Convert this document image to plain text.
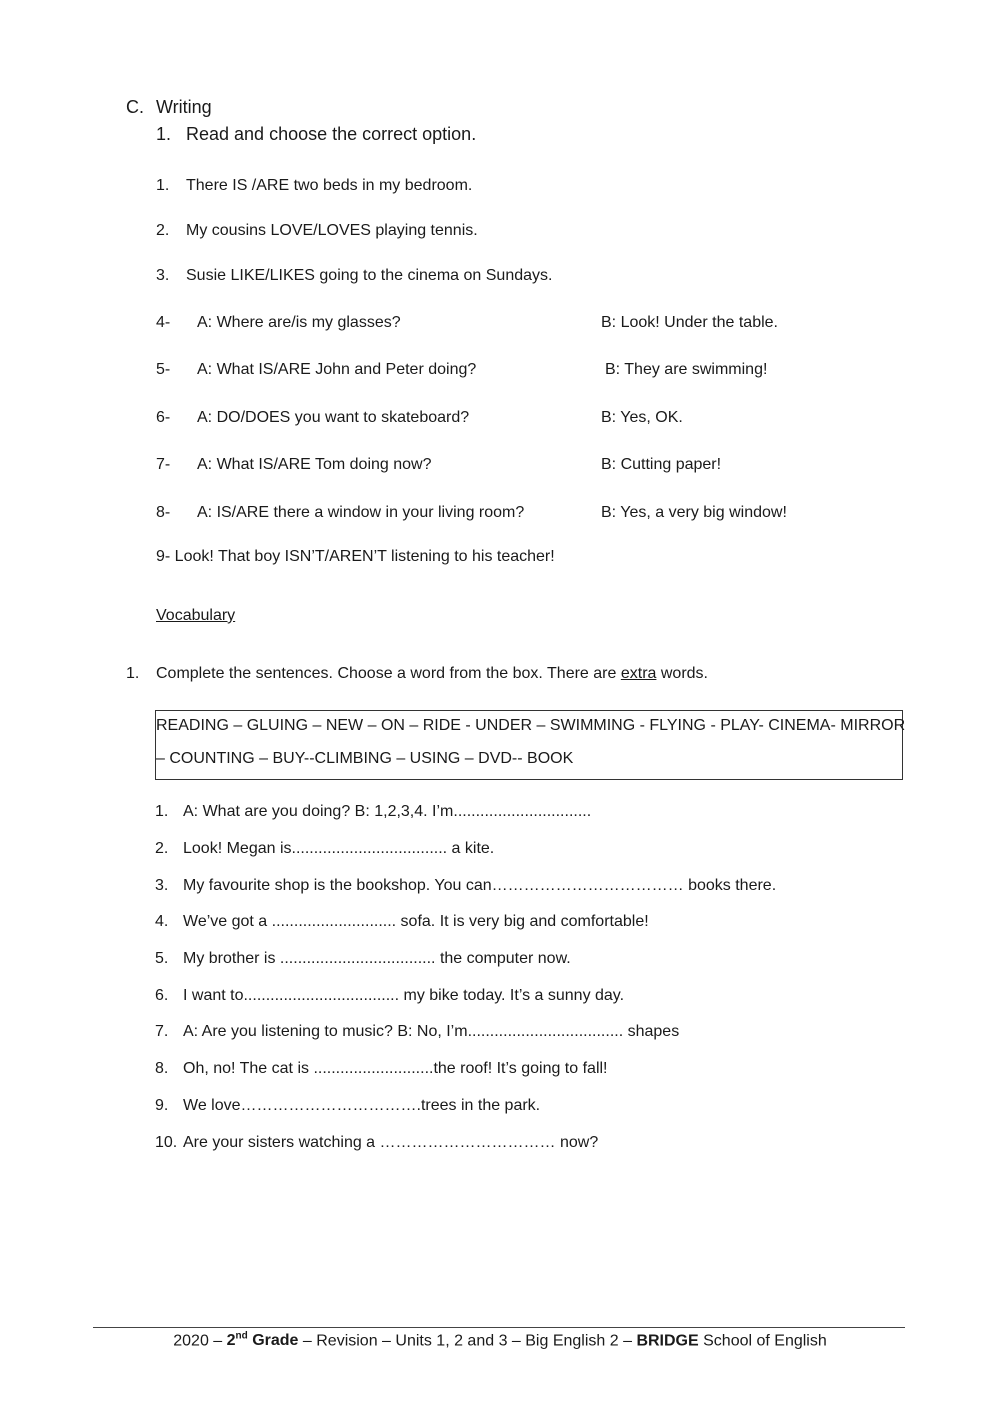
C. Writing
1. Read and choose the correct option.
1. There IS /ARE two beds in my bedroom.
2. My cousins LOVE/LOVES playing tennis.
3. Susie LIKE/LIKES going to the cinema on Sundays.
4- A: Where are/is my glasses?	B: Look! Under the table.
5- A: What IS/ARE John and Peter doing?	B: They are swimming!
6- A: DO/DOES you want to skateboard?	B: Yes, OK.
7- A: What IS/ARE Tom doing now?	B: Cutting paper!
8- A: IS/ARE there a window in your living room?	B: Yes, a very big window!
9- Look! That boy ISN’T/AREN’T listening to his teacher!
Vocabulary
1. Complete the sentences. Choose a word from the box. There are extra words.
READING – GLUING – NEW – ON – RIDE - UNDER – SWIMMING - FLYING - PLAY- CINEMA- MIRROR
– COUNTING – BUY--CLIMBING – USING – DVD-- BOOK
1. A: What are you doing? B: 1,2,3,4. I’m...............................
2. Look! Megan is................................... a kite.
3. My favourite shop is the bookshop. You can……………………………… books there.
4. We’ve got a ............................ sofa. It is very big and comfortable!
5. My brother is ................................... the computer now.
6. I want to................................... my bike today. It’s a sunny day.
7. A: Are you listening to music? B: No, I’m................................... shapes
8. Oh, no! The cat is ...........................the roof! It’s going to fall!
9. We love…………………………….trees in the park.
10. Are your sisters watching a …………………………… now?
2020 – 2nd Grade – Revision – Units 1, 2 and 3 – Big English 2 – BRIDGE School of English
